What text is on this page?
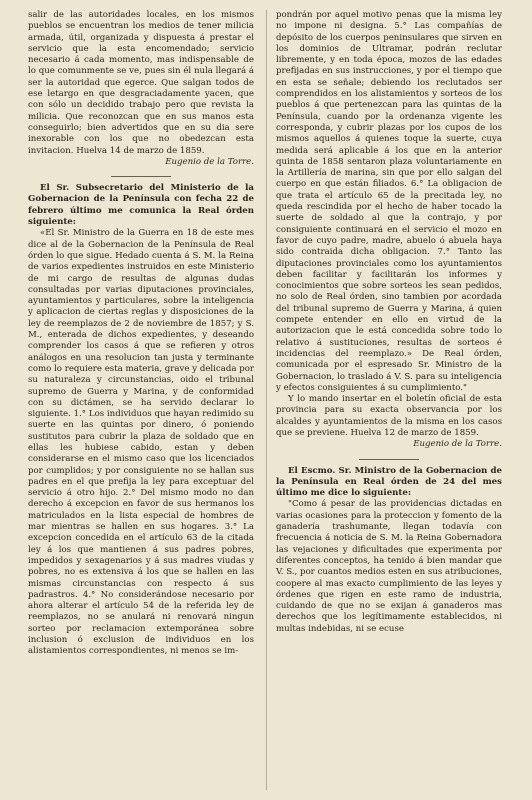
salir de las autoridades locales, en los mismos pueblos se encuentran los medios de tener milicia armada, útil, organizada y dispuesta á prestar el servicio que la esta encomendado; servicio necesario á cada momento, mas indispensable de lo que comunmente se ve, pues sin él nula llegará á ser la autoridad que egerce. Que salgan todos de ese letargo en que desgraciadamente yacen, que con sólo un decidido trabajo pero que revista la milicia. Que reconozcan que en sus manos esta conseguirlo; bien advertidos que en su dia sere inexorable con los que no obedezcan esta invitacion. Huelva 14 de marzo de 1859.

Eugenio de la Torre.

El Sr. Subsecretario del Ministerio de la Gobernacion de la Península con fecha 22 de febrero último me comunica la Real órden siguiente:

«El Sr. Ministro de la Guerra en 18 de este mes dice al de la Gobernacion de la Península de Real órden lo que sigue. Hedado cuenta á S. M. la Reina de varios expedientes instruidos en este Ministerio de mi cargo de resultas de algunas dudas consultadas por varias diputaciones provinciales, ayuntamientos y particulares, sobre la inteligencia y aplicacion de ciertas reglas y disposiciones de la ley de reemplazos de 2 de noviembre de 1857; y S. M., enterada de dichos expedientes, y deseando comprender los casos á que se refieren y otros análogos en una resolucion tan justa y terminante como lo requiere esta materia, grave y delicada por su naturaleza y circunstancias, oido el tribunal supremo de Guerra y Marina, y de conformidad con su dictámen, se ha servido declarar lo siguiente. 1.° Los individuos que hayan redimido su suerte en las quintas por dinero, ó poniendo sustitutos para cubrir la plaza de soldado que en ellas les hubiese cabido, estan y deben considerarse en el mismo caso que los licenciados por cumplidos; y por consiguiente no se hallan sus padres en el que prefija la ley para exceptuar del servicio á otro hijo. 2.° Del mismo modo no dan derecho á excepcion en favor de sus hermanos los matriculados en la lista especial de hombres de mar mientras se hallen en sus hogares. 3.° La excepcion concedida en el artículo 63 de la citada ley á los que mantienen á sus padres pobres, impedidos y sexagenarios y á sus madres viudas y pobres, no es extensiva á los que se hallen en las mismas circunstancias con respecto á sus padrastros. 4.° No considerándose necesario por ahora alterar el artículo 54 de la referida ley de reemplazos, no se anulará ni renovará ningun sorteo por reclamacion extemporánea sobre inclusion ó exclusion de individuos en los alistamientos correspondientes, ni menos se im-

pondrán por aquel motivo penas que la misma ley no impone ni designa. 5.° Las compañías de depósito de los cuerpos peninsulares que sirven en los dominios de Ultramar, podrán reclutar libremente, y en toda época, mozos de las edades prefijadas en sus instrucciones, y por el tiempo que en esta se señale; debiendo los reclutados ser comprendidos en los alistamientos y sorteos de los pueblos á que pertenezcan para las quintas de la Península, cuando por la ordenanza vigente les corresponda, y cubrir plazas por los cupos de los mismos aquellos á quienes toque la suerte, cuya medida será aplicable á los que en la anterior quinta de 1858 sentaron plaza voluntariamente en la Artillería de marina, sin que por ello salgan del cuerpo en que están filiados. 6.° La obligacion de que trata el artículo 65 de la precitada ley, no queda rescindida por el hecho de haber tocado la suerte de soldado al que la contrajo, y por consiguiente continuará en el servicio el mozo en favor de cuyo padre, madre, abuelo ó abuela haya sido contraida dicha obligacion. 7.° Tanto las diputaciones provinciales como los ayuntamientos deben facilitar y facilitarán los informes y conocimientos que sobre sorteos les sean pedidos, no solo de Real órden, sino tambien por acordada del tribunal supremo de Guerra y Marina, á quien compete entender en ello en virtud de la autorizacion que le está concedida sobre todo lo relativo á sustituciones, resultas de sorteos é incidencias del reemplazo.» De Real órden, comunicada por el espresado Sr. Ministro de la Gobernacion, lo traslado á V. S. para su inteligencia y efectos consiguientes á su cumplimiento."

Y lo mando insertar en el boletín oficial de esta provincia para su exacta observancia por los alcaldes y ayuntamientos de la misma en los casos que se previene. Huelva 12 de marzo de 1859.

Eugenio de la Torre.

El Escmo. Sr. Ministro de la Gobernacion de la Península en Real órden de 24 del mes último me dice lo siguiente:

"Como á pesar de las providencias dictadas en varias ocasiones para la proteccion y fomento de la ganadería trashumante, llegan todavía con frecuencia á noticia de S. M. la Reina Gobernadora las vejaciones y dificultades que experimenta por diferentes conceptos, ha tenido á bien mandar que V. S., por cuantos medios esten en sus atribuciones, coopere al mas exacto cumplimiento de las leyes y órdenes que rigen en este ramo de industria, cuidando de que no se exijan á ganaderos mas derechos que los legítimamente establecidos, ni multas indebidas, ni se ecuse
